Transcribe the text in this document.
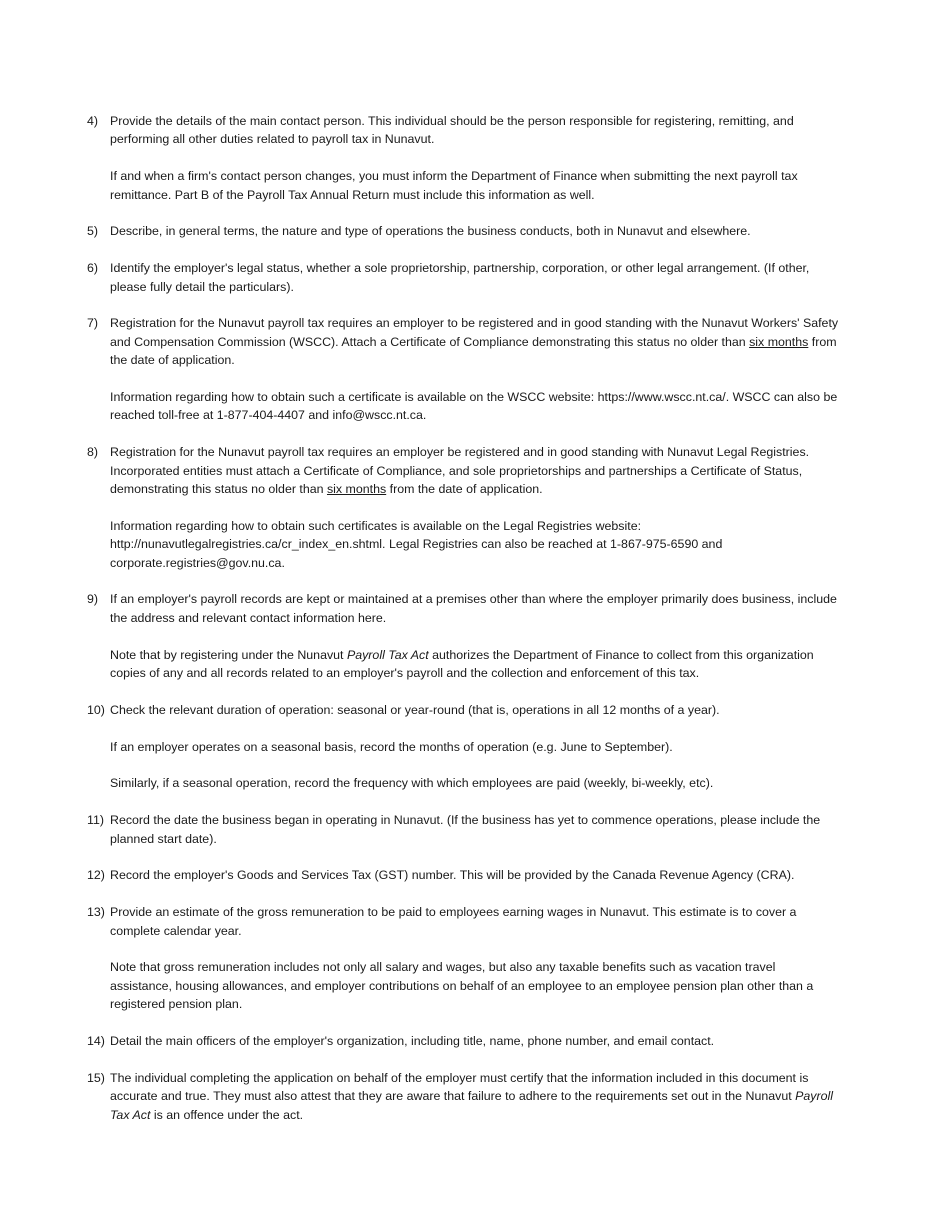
4) Provide the details of the main contact person. This individual should be the person responsible for registering, remitting, and performing all other duties related to payroll tax in Nunavut.

If and when a firm's contact person changes, you must inform the Department of Finance when submitting the next payroll tax remittance. Part B of the Payroll Tax Annual Return must include this information as well.

5) Describe, in general terms, the nature and type of operations the business conducts, both in Nunavut and elsewhere.

6) Identify the employer's legal status, whether a sole proprietorship, partnership, corporation, or other legal arrangement. (If other, please fully detail the particulars).

7) Registration for the Nunavut payroll tax requires an employer to be registered and in good standing with the Nunavut Workers' Safety and Compensation Commission (WSCC). Attach a Certificate of Compliance demonstrating this status no older than six months from the date of application.

Information regarding how to obtain such a certificate is available on the WSCC website: https://www.wscc.nt.ca/. WSCC can also be reached toll-free at 1-877-404-4407 and info@wscc.nt.ca.

8) Registration for the Nunavut payroll tax requires an employer be registered and in good standing with Nunavut Legal Registries. Incorporated entities must attach a Certificate of Compliance, and sole proprietorships and partnerships a Certificate of Status, demonstrating this status no older than six months from the date of application.

Information regarding how to obtain such certificates is available on the Legal Registries website: http://nunavutlegalregistries.ca/cr_index_en.shtml. Legal Registries can also be reached at 1-867-975-6590 and corporate.registries@gov.nu.ca.

9) If an employer's payroll records are kept or maintained at a premises other than where the employer primarily does business, include the address and relevant contact information here.

Note that by registering under the Nunavut Payroll Tax Act authorizes the Department of Finance to collect from this organization copies of any and all records related to an employer's payroll and the collection and enforcement of this tax.

10) Check the relevant duration of operation: seasonal or year-round (that is, operations in all 12 months of a year).

If an employer operates on a seasonal basis, record the months of operation (e.g. June to September).

Similarly, if a seasonal operation, record the frequency with which employees are paid (weekly, bi-weekly, etc).

11) Record the date the business began in operating in Nunavut. (If the business has yet to commence operations, please include the planned start date).

12) Record the employer's Goods and Services Tax (GST) number. This will be provided by the Canada Revenue Agency (CRA).

13) Provide an estimate of the gross remuneration to be paid to employees earning wages in Nunavut. This estimate is to cover a complete calendar year.

Note that gross remuneration includes not only all salary and wages, but also any taxable benefits such as vacation travel assistance, housing allowances, and employer contributions on behalf of an employee to an employee pension plan other than a registered pension plan.

14) Detail the main officers of the employer's organization, including title, name, phone number, and email contact.

15) The individual completing the application on behalf of the employer must certify that the information included in this document is accurate and true. They must also attest that they are aware that failure to adhere to the requirements set out in the Nunavut Payroll Tax Act is an offence under the act.
